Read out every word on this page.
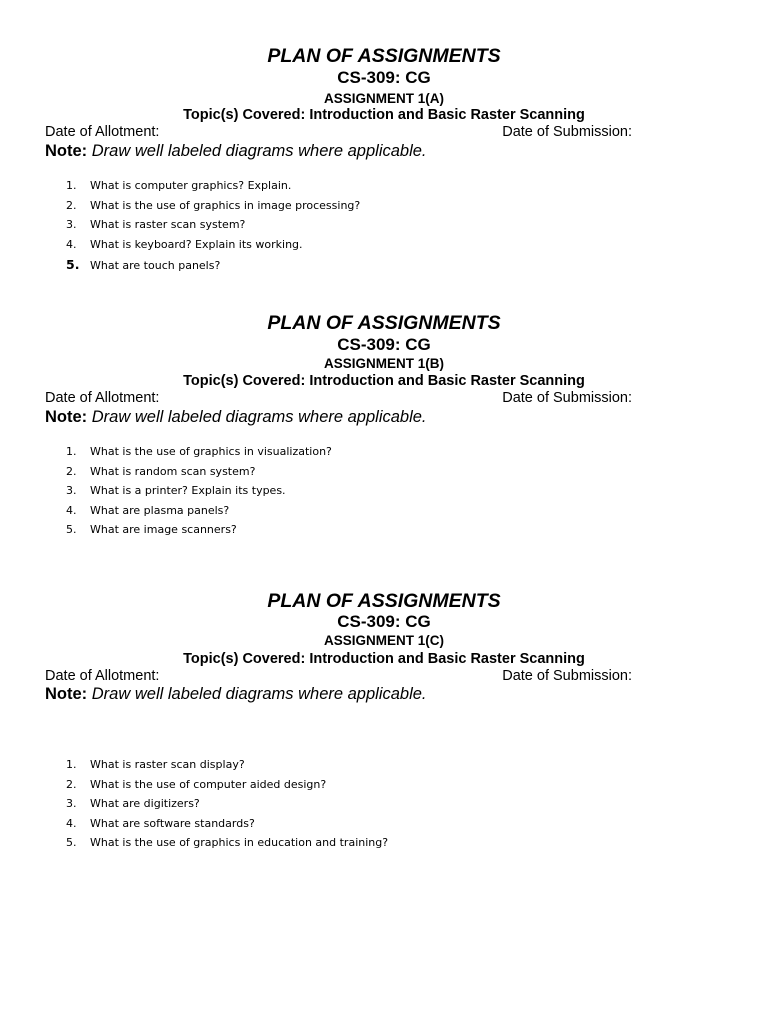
PLAN OF ASSIGNMENTS
CS-309: CG
ASSIGNMENT 1(A)
Topic(s) Covered: Introduction and Basic Raster Scanning
Date of Allotment:	Date of Submission:
Note: Draw well labeled diagrams where applicable.
1. What is computer graphics? Explain.
2. What is the use of graphics in image processing?
3. What is raster scan system?
4. What is keyboard? Explain its working.
5. What are touch panels?
PLAN OF ASSIGNMENTS
CS-309: CG
ASSIGNMENT 1(B)
Topic(s) Covered: Introduction and Basic Raster Scanning
Date of Allotment:	Date of Submission:
Note: Draw well labeled diagrams where applicable.
1. What is the use of graphics in visualization?
2. What is random scan system?
3. What is a printer? Explain its types.
4. What are plasma panels?
5. What are image scanners?
PLAN OF ASSIGNMENTS
CS-309: CG
ASSIGNMENT 1(C)
Topic(s) Covered: Introduction and Basic Raster Scanning
Date of Allotment:	Date of Submission:
Note: Draw well labeled diagrams where applicable.
1. What is raster scan display?
2. What is the use of computer aided design?
3. What are digitizers?
4. What are software standards?
5. What is the use of graphics in education and training?
